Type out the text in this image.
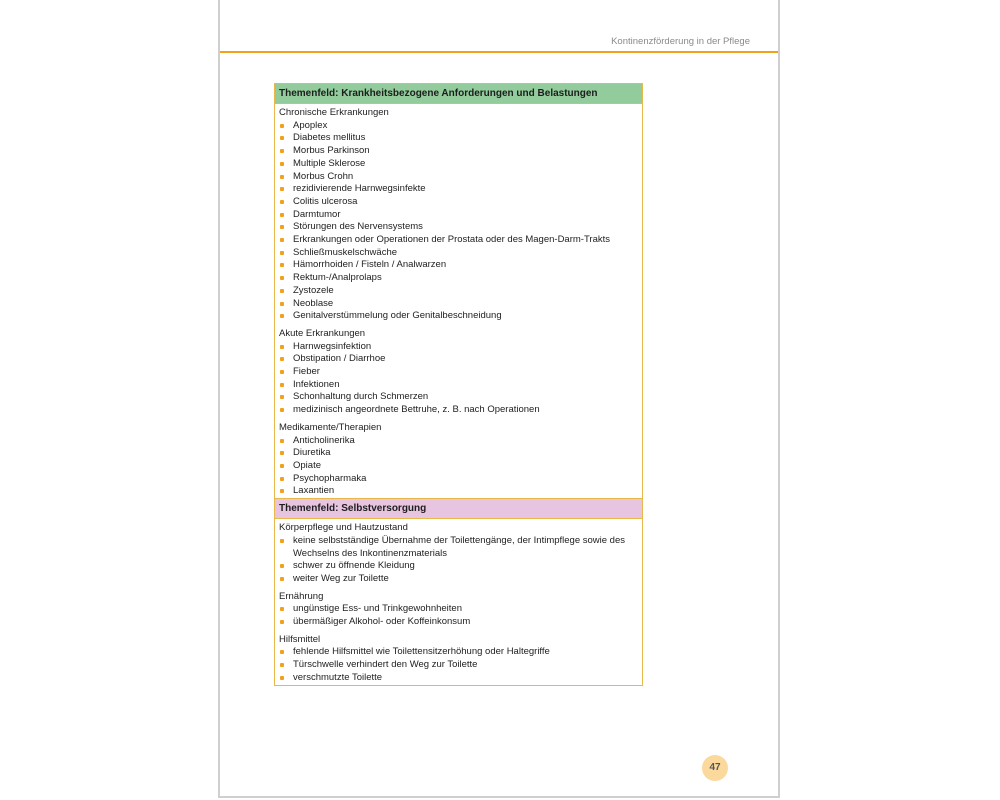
Kontinenzförderung in der Pflege
Themenfeld: Krankheitsbezogene Anforderungen und Belastungen
Chronische Erkrankungen
Apoplex
Diabetes mellitus
Morbus Parkinson
Multiple Sklerose
Morbus Crohn
rezidivierende Harnwegsinfekte
Colitis ulcerosa
Darmtumor
Störungen des Nervensystems
Erkrankungen oder Operationen der Prostata oder des Magen-Darm-Trakts
Schließmuskelschwäche
Hämorrhoiden / Fisteln / Analwarzen
Rektum-/Analprolaps
Zystozele
Neoblase
Genitalverstümmelung oder Genitalbeschneidung
Akute Erkrankungen
Harnwegsinfektion
Obstipation / Diarrhoe
Fieber
Infektionen
Schonhaltung durch Schmerzen
medizinisch angeordnete Bettruhe, z. B. nach Operationen
Medikamente/Therapien
Anticholinerika
Diuretika
Opiate
Psychopharmaka
Laxantien
Themenfeld: Selbstversorgung
Körperpflege und Hautzustand
keine selbstständige Übernahme der Toilettengänge, der Intimpflege sowie des Wechselns des Inkontinenzmaterials
schwer zu öffnende Kleidung
weiter Weg zur Toilette
Ernährung
ungünstige Ess- und Trinkgewohnheiten
übermäßiger Alkohol- oder Koffeinkonsum
Hilfsmittel
fehlende Hilfsmittel wie Toilettensitzerhöhung oder Haltegriffe
Türschwelle verhindert den Weg zur Toilette
verschmutzte Toilette
47
